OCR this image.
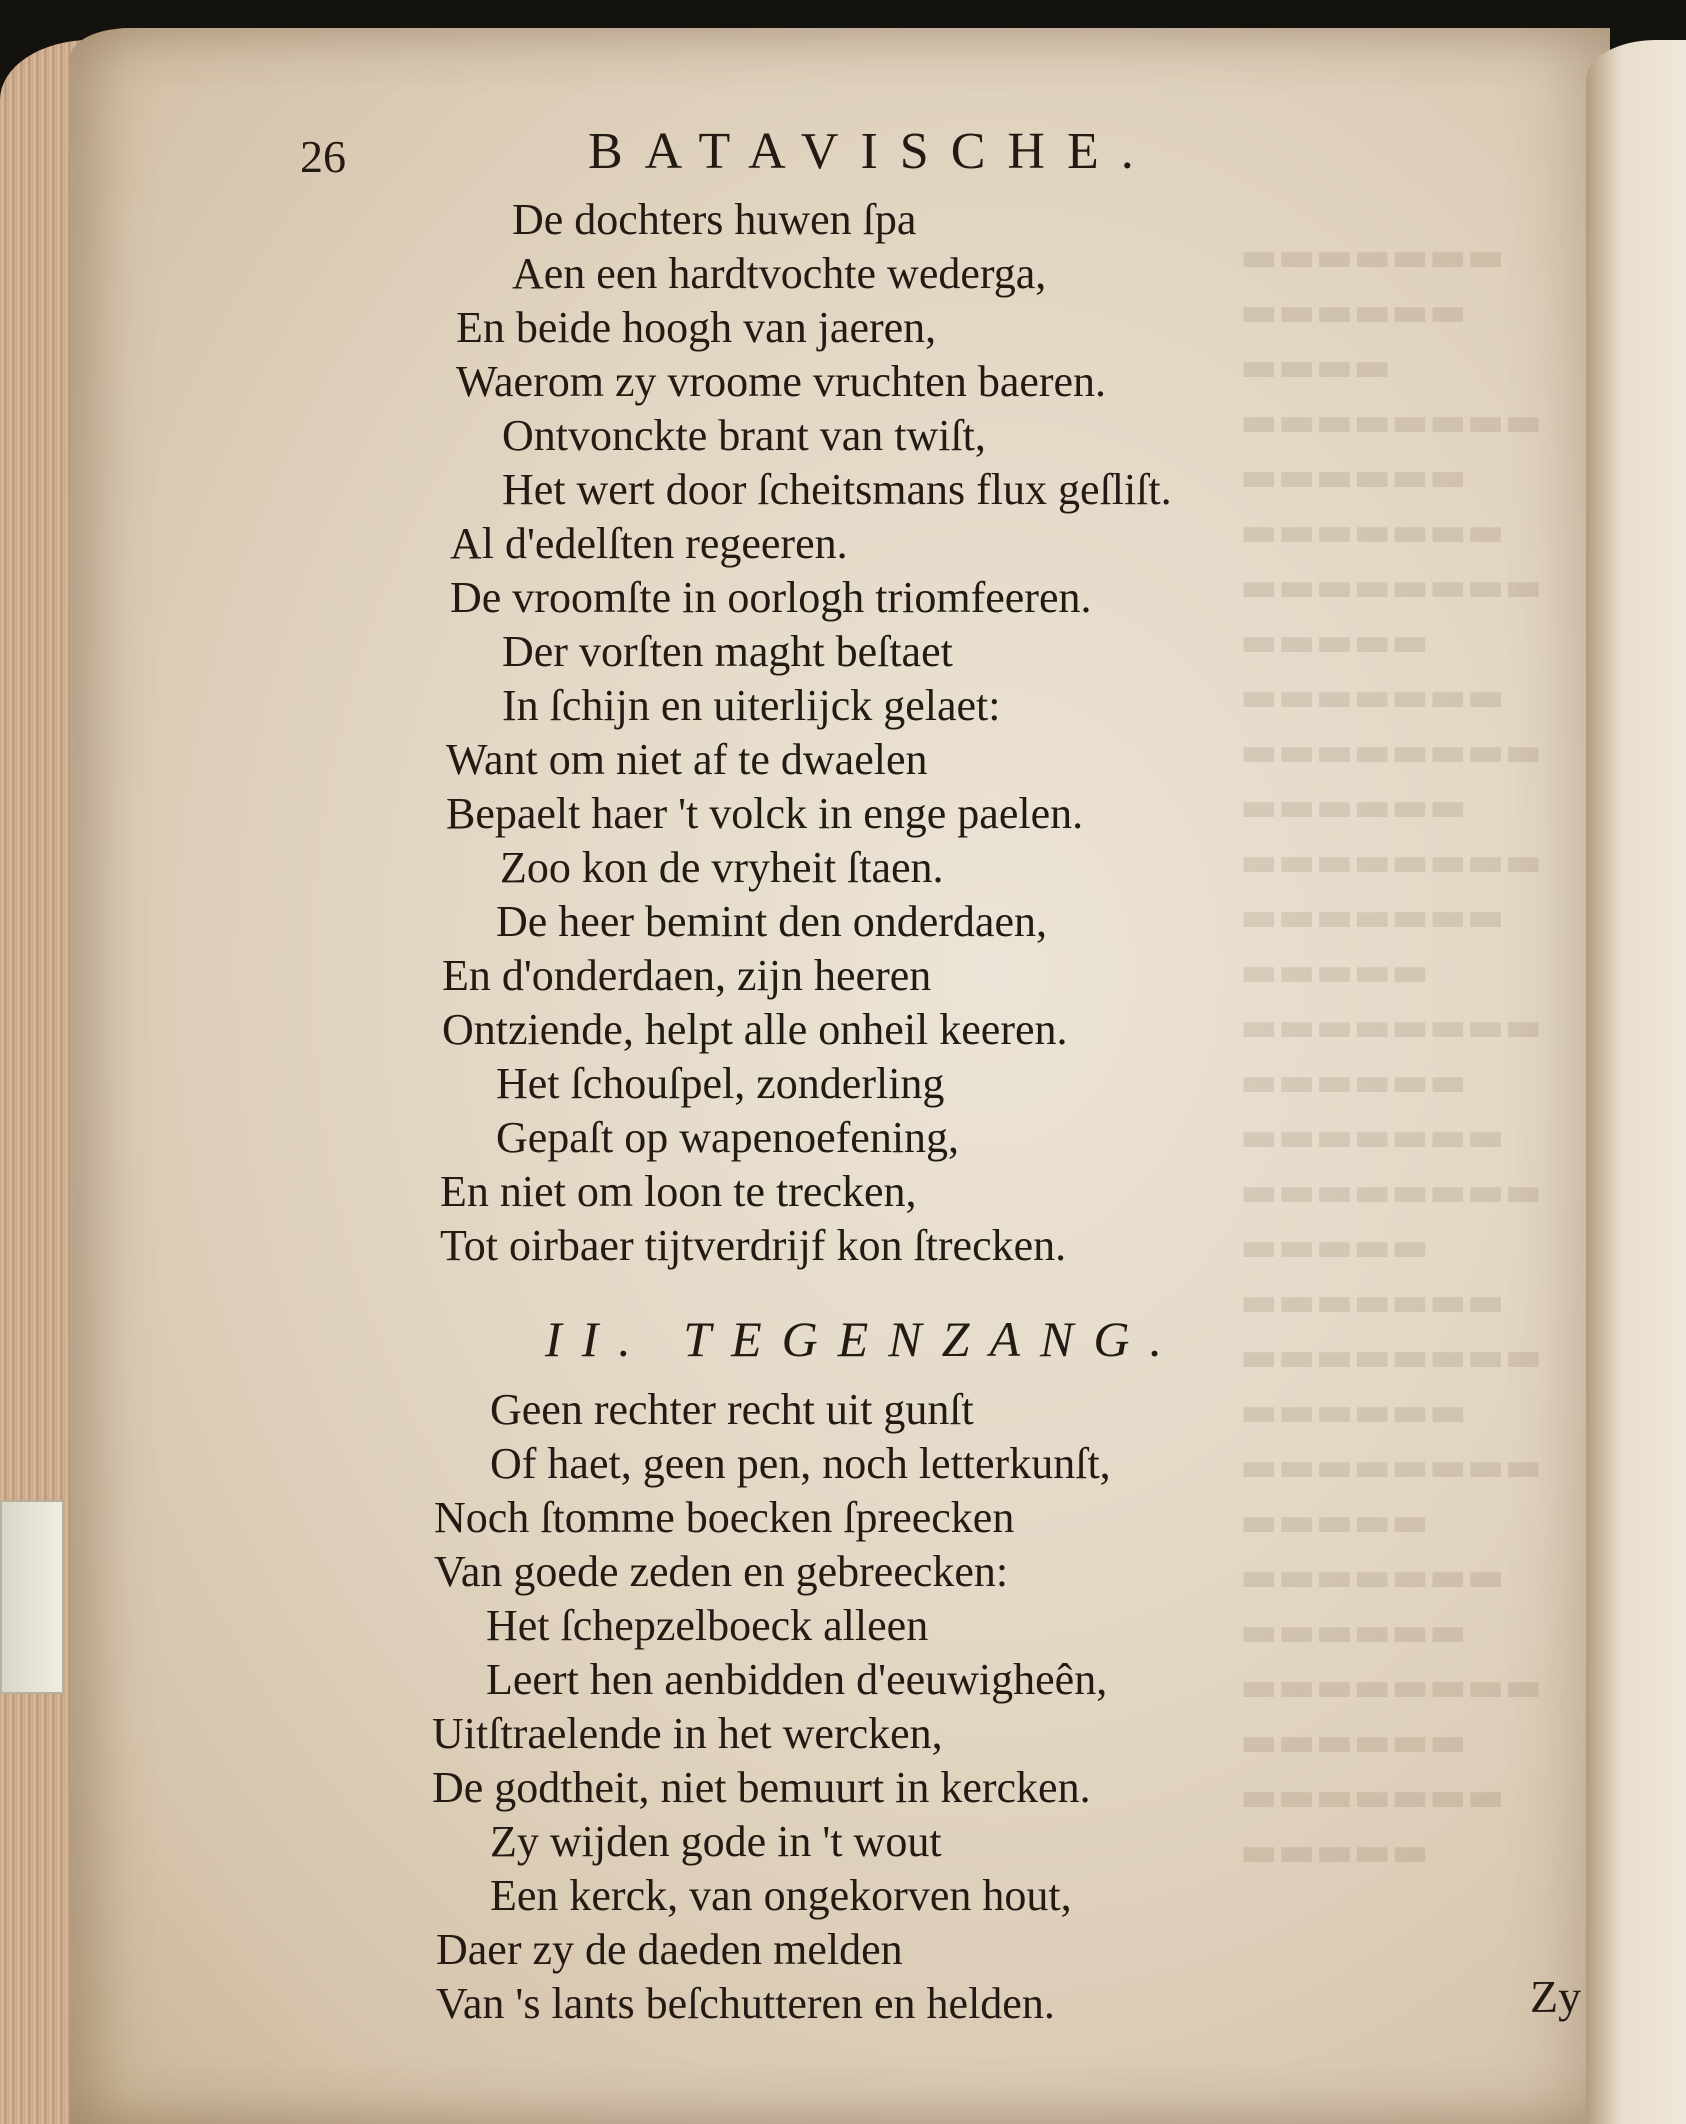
▬▬▬▬▬▬▬
▬▬▬▬▬▬
▬▬▬▬
▬▬▬▬▬▬▬▬
▬▬▬▬▬▬
▬▬▬▬▬▬▬
▬▬▬▬▬▬▬▬
▬▬▬▬▬
▬▬▬▬▬▬▬
▬▬▬▬▬▬▬▬
▬▬▬▬▬▬
▬▬▬▬▬▬▬▬
▬▬▬▬▬▬▬
▬▬▬▬▬
▬▬▬▬▬▬▬▬
▬▬▬▬▬▬
▬▬▬▬▬▬▬
▬▬▬▬▬▬▬▬
▬▬▬▬▬
▬▬▬▬▬▬▬
▬▬▬▬▬▬▬▬
▬▬▬▬▬▬
▬▬▬▬▬▬▬▬
▬▬▬▬▬
▬▬▬▬▬▬▬
▬▬▬▬▬▬
▬▬▬▬▬▬▬▬
▬▬▬▬▬▬
▬▬▬▬▬▬▬
▬▬▬▬▬
26	BATAVISCHE.
De dochters huwen ſpa
Aen een hardtvochte wederga,
En beide hoogh van jaeren,
Waerom zy vroome vruchten baeren.
Ontvonckte brant van twiſt,
Het wert door ſcheitsmans flux geſliſt.
Al d'edelſten regeeren.
De vroomſte in oorlogh triomfeeren.
Der vorſten maght beſtaet
In ſchijn en uiterlijck gelaet:
Want om niet af te dwaelen
Bepaelt haer 't volck in enge paelen.
Zoo kon de vryheit ſtaen.
De heer bemint den onderdaen,
En d'onderdaen, zijn heeren
Ontziende, helpt alle onheil keeren.
Het ſchouſpel, zonderling
Gepaſt op wapenoefening,
En niet om loon te trecken,
Tot oirbaer tijtverdrijf kon ſtrecken.
II. TEGENZANG.
Geen rechter recht uit gunſt
Of haet, geen pen, noch letterkunſt,
Noch ſtomme boecken ſpreecken
Van goede zeden en gebreecken:
Het ſchepzelboeck alleen
Leert hen aenbidden d'eeuwigheên,
Uitſtraelende in het wercken,
De godtheit, niet bemuurt in kercken.
Zy wijden gode in 't wout
Een kerck, van ongekorven hout,
Daer zy de daeden melden
Van 's lants beſchutteren en helden.	Zy
